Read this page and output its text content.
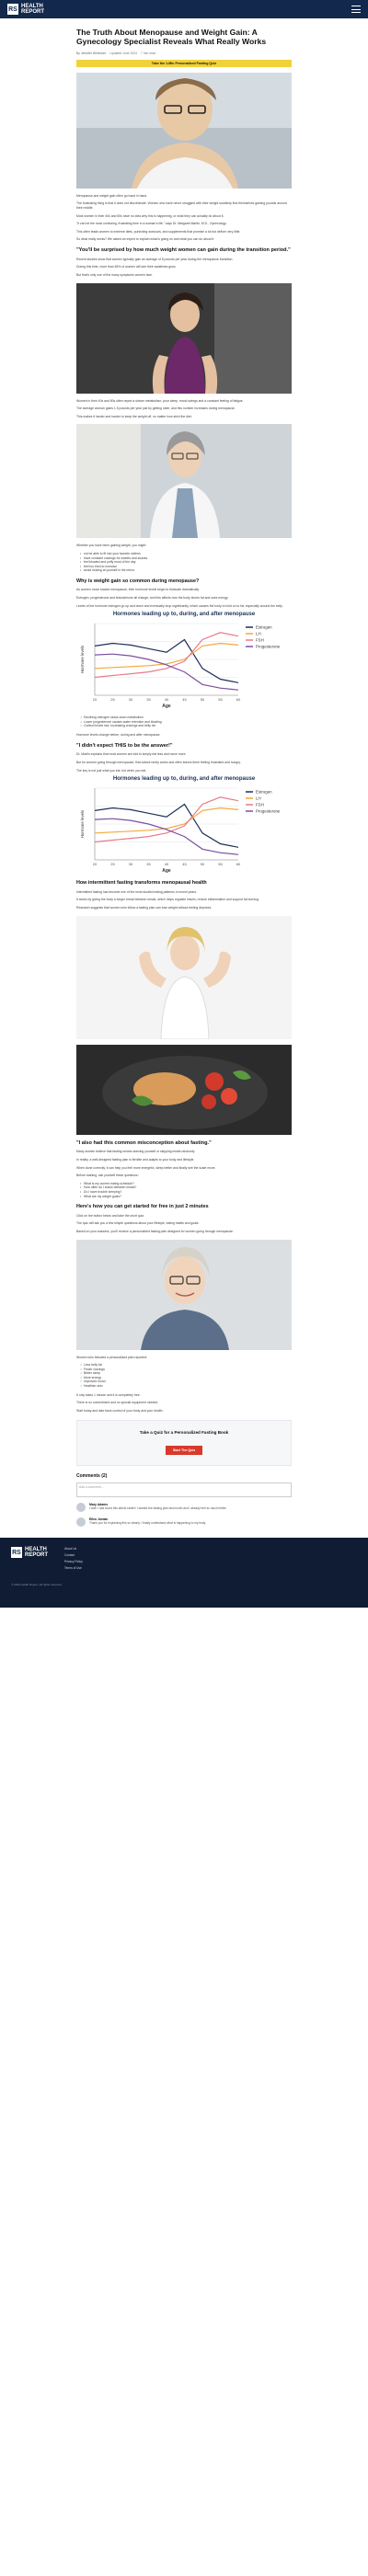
RS HEALTH
REPORT
The Truth About Menopause and Weight Gain: A Gynecology Specialist Reveals What Really Works
By Jennifer Whitmore Updated June 2024 7 min read
Take the 1-Min Personalized Fasting Quiz

Menopause and weight gain often go hand in hand.

The frustrating thing is that it does not discriminate. Women who have never struggled with their weight suddenly find themselves gaining pounds around their middle.

Most women in their 40s and 50s have no idea why this is happening, or what they can actually do about it.

"It can be the most confusing, frustrating time in a woman's life," says Dr. Margaret Martin, M.D., Gynecology.

This often leads women to extreme diets, punishing workouts, and supplements that promise a lot but deliver very little.

So what really works? We asked an expert to explain what is going on and what you can do about it.

"You'll be surprised by how much weight women can gain during the transition period."

Recent studies show that women typically gain an average of 5 pounds per year during the menopause transition.

During this time, more than 65% of women will see their waistlines grow.

But that's only one of the many symptoms women face.

Women in their 40s and 50s often report a slower metabolism, poor sleep, mood swings and a constant feeling of fatigue.

The average woman gains 1.5 pounds per year just by getting older, and this number increases during menopause.

This makes it harder and harder to keep the weight off, no matter how strict the diet.

Whether you have been gaining weight, you might:

• not be able to fit into your favorite clothes
• have constant cravings for sweets and snacks
• feel bloated and puffy most of the day
• feel too tired to exercise
• avoid looking at yourself in the mirror
Why is weight gain so common during menopause?

As women move toward menopause, their hormone levels begin to fluctuate dramatically.

Estrogen, progesterone and testosterone all change, and this affects how the body stores fat and uses energy.

Levels of the hormone estrogen go up and down and eventually drop significantly, which causes the body to hold on to fat, especially around the belly.

Hormones leading up to, during, and after menopause
20	25	30	35	40	45	50	55	60
Age
Hormone levels
Estrogen
LH
FSH
Progesterone
✓ Declining estrogen slows down metabolism
✓ Lower progesterone causes water retention and bloating
✓ Cortisol levels rise, increasing cravings and belly fat

Hormone levels change before, during and after menopause.

"I didn't expect THIS to be the answer!"

Dr. Martin explains that most women are told to simply eat less and move more.

But for women going through menopause, that advice rarely works and often leaves them feeling frustrated and hungry.

The key is not just what you eat, but when you eat.

Hormones leading up to, during, and after menopause
20	25	30	35	40	45	50	55	60
Age
Hormone levels
Estrogen
LH
FSH
Progesterone
How intermittent fasting transforms menopausal health

Intermittent fasting has become one of the most studied eating patterns in recent years.

It works by giving the body a longer break between meals, which helps regulate insulin, reduce inflammation and support fat burning.

Research suggests that women who follow a fasting plan can lose weight without feeling deprived.

"I also had this common misconception about fasting."

Many women believe that fasting means starving yourself or skipping meals randomly.

In reality, a well-designed fasting plan is flexible and adapts to your body and lifestyle.

When done correctly, it can help you feel more energetic, sleep better and finally see the scale move.

Before starting, ask yourself these questions:

• What is my current eating schedule?
• How often do I snack between meals?
• Do I have trouble sleeping?
• What are my weight goals?
Here's how you can get started for free in just 2 minutes

Click on the button below and take the short quiz.

The quiz will ask you a few simple questions about your lifestyle, eating habits and goals.

Based on your answers, you'll receive a personalized fasting plan designed for women going through menopause.

Women who followed a personalized plan reported:

✓ Less belly fat
✓ Fewer cravings
✓ Better sleep
✓ More energy
✓ Improved mood
✓ Healthier skin

It only takes 1 minute and it is completely free.

There is no commitment and no special equipment needed.

Start today and take back control of your body and your health.

Take a Quiz for a Personalized Fasting Book
Start The Quiz
Comments (2)
Add a comment...
Mary Adams
I wish I had found this article earlier! I started the fasting plan last month and I already feel so much better.
Ellen Jordan
Thank you for explaining this so clearly. I finally understand what is happening to my body.
RS HEALTH
REPORT
About Us
Contact
Privacy Policy
Terms of Use
© 2024 Health Report. All rights reserved.
